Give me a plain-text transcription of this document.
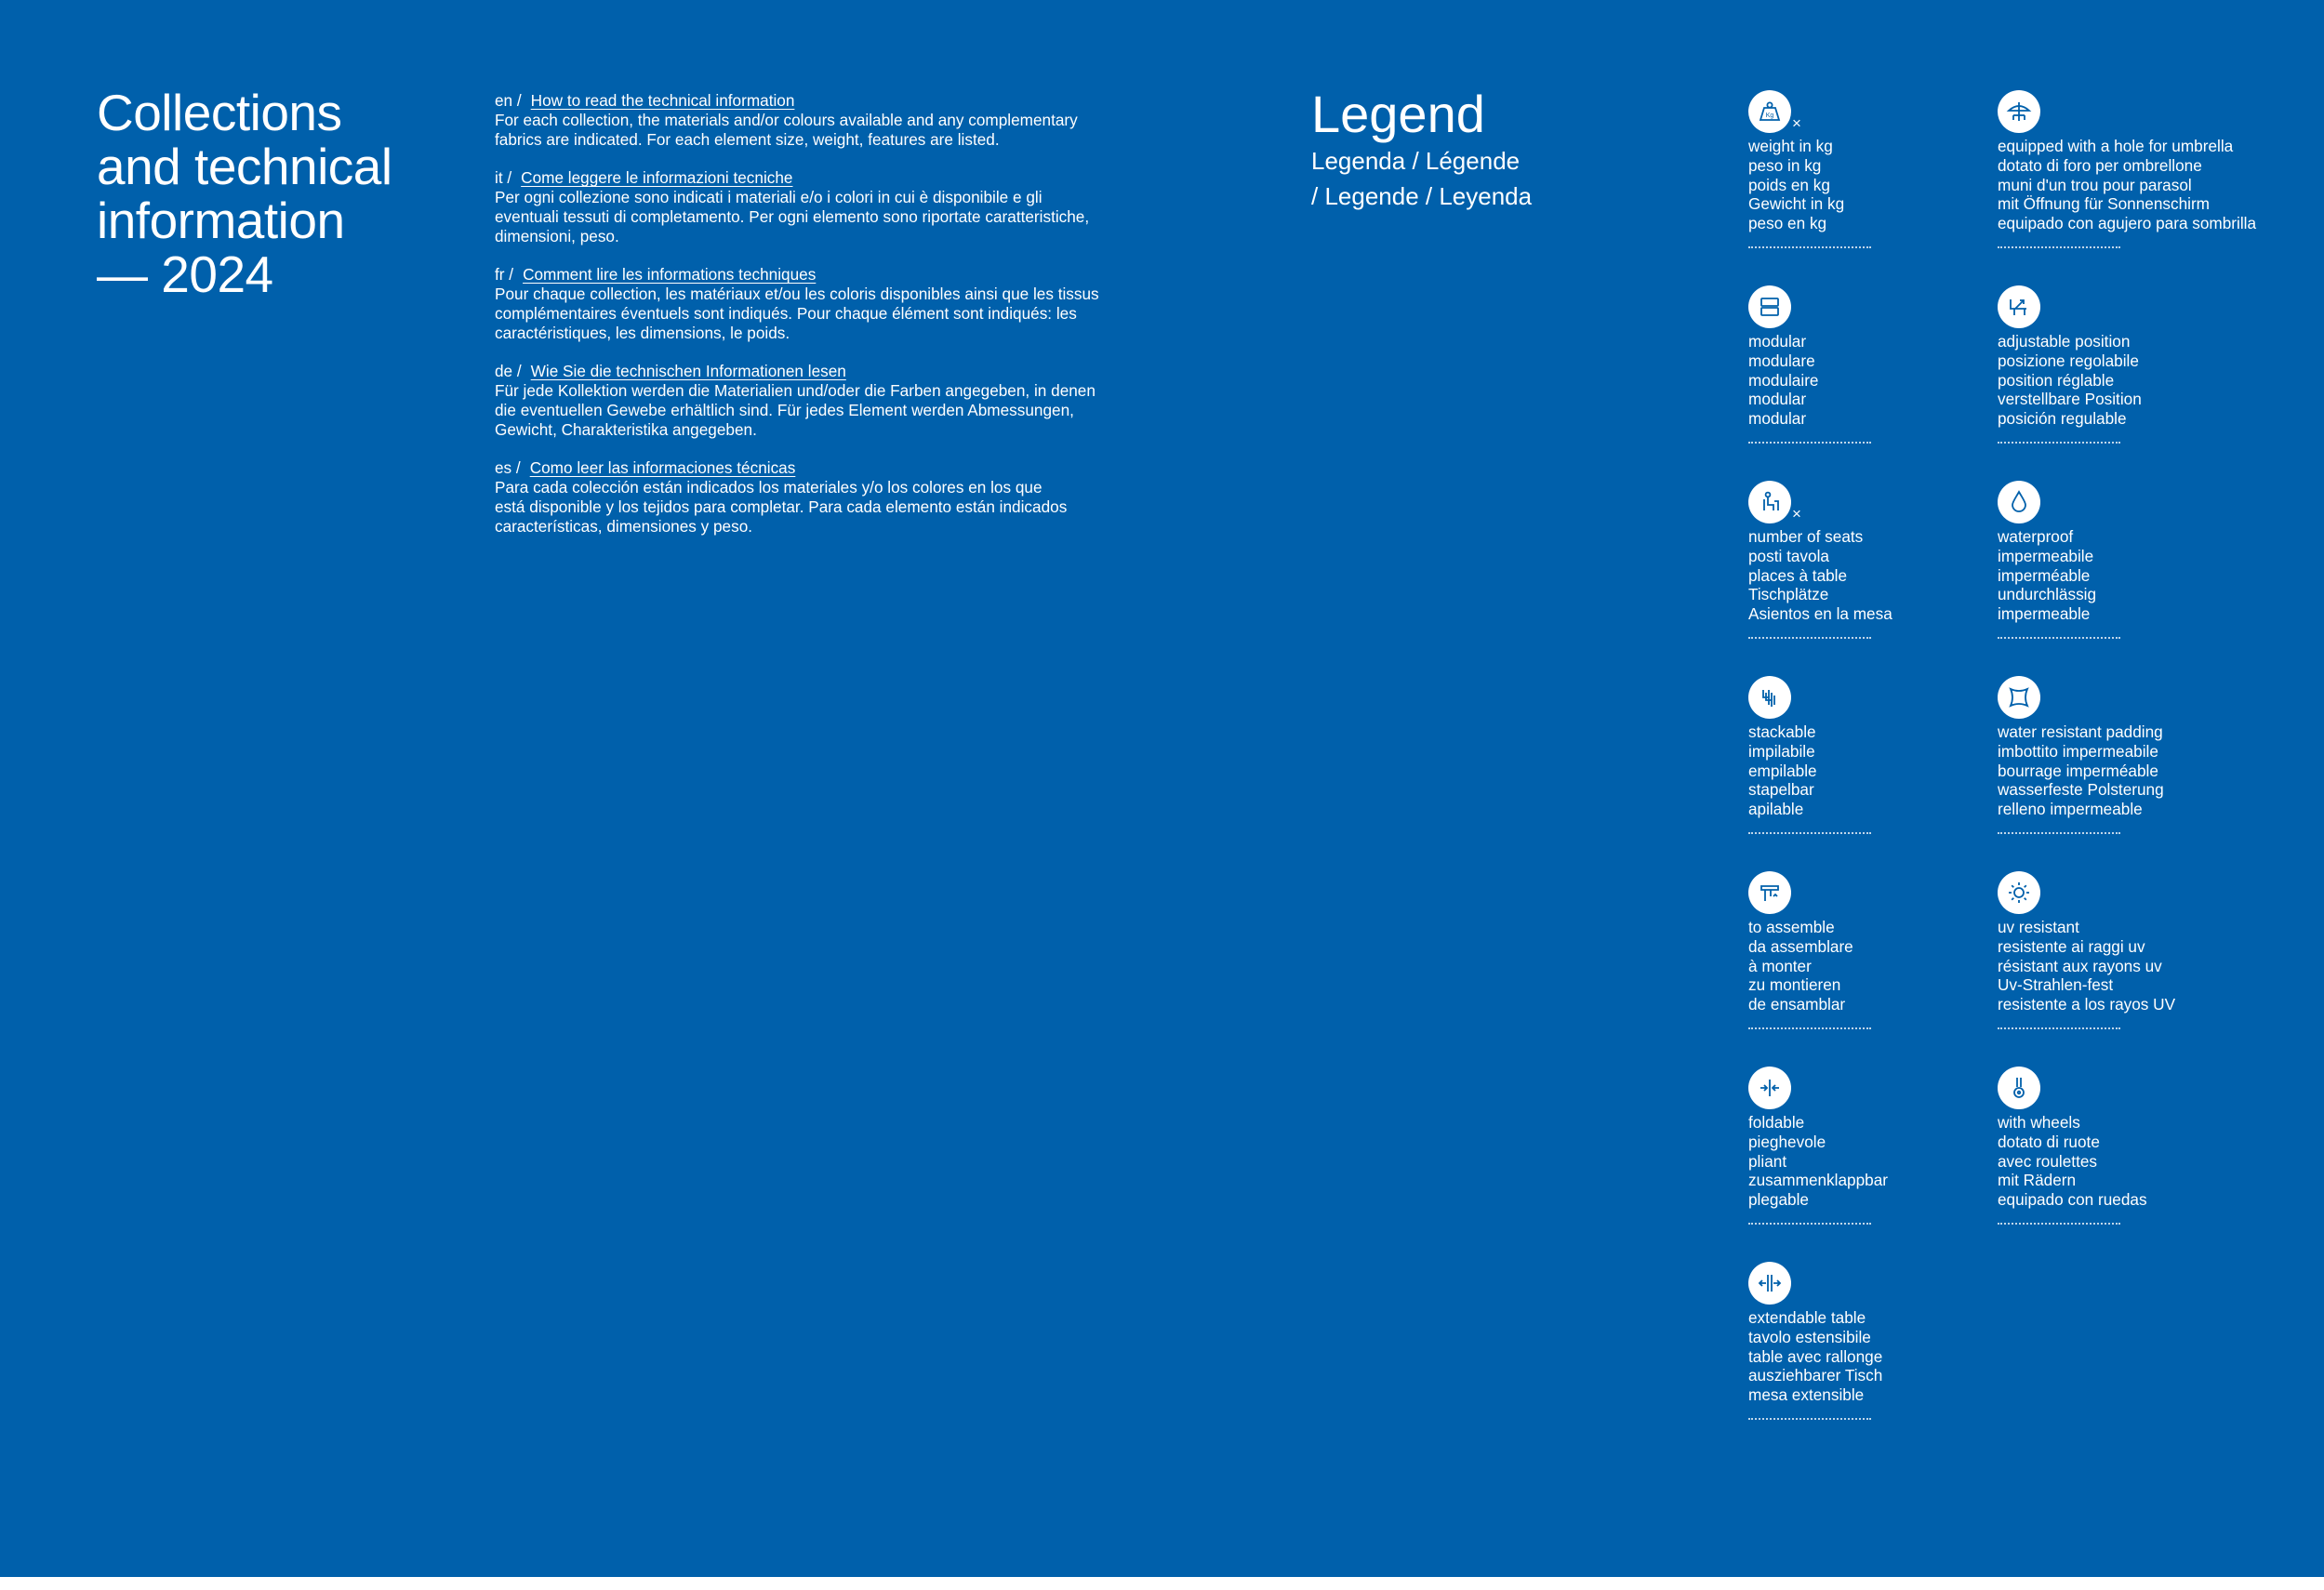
Collections
and technical
information
— 2024
en / How to read the technical information
For each collection, the materials and/or colours available and any complementary
fabrics are indicated. For each element size, weight, features are listed.
it / Come leggere le informazioni tecniche
Per ogni collezione sono indicati i materiali e/o i colori in cui è disponibile e gli
eventuali tessuti di completamento. Per ogni elemento sono riportate caratteristiche,
dimensioni, peso.
fr / Comment lire les informations techniques
Pour chaque collection, les matériaux et/ou les coloris disponibles ainsi que les tissus
complémentaires éventuels sont indiqués. Pour chaque élément sont indiqués: les
caractéristiques, les dimensions, le poids.
de / Wie Sie die technischen Informationen lesen
Für jede Kollektion werden die Materialien und/oder die Farben angegeben, in denen
die eventuellen Gewebe erhältlich sind. Für jedes Element werden Abmessungen,
Gewicht, Charakteristika angegeben.
es / Como leer las informaciones técnicas
Para cada colección están indicados los materiales y/o los colores en los que
está disponible y los tejidos para completar. Para cada elemento están indicados
características, dimensiones y peso.
Legend
Legenda / Légende
/ Legende / Leyenda
Kg ×
weight in kg
peso in kg
poids en kg
Gewicht in kg
peso en kg
equipped with a hole for umbrella
dotato di foro per ombrellone
muni d'un trou pour parasol
mit Öffnung für Sonnenschirm
equipado con agujero para sombrilla
modular
modulare
modulaire
modular
modular
adjustable position
posizione regolabile
position réglable
verstellbare Position
posición regulable
×
number of seats
posti tavola
places à table
Tischplätze
Asientos en la mesa
waterproof
impermeabile
imperméable
undurchlässig
impermeable
stackable
impilabile
empilable
stapelbar
apilable
water resistant padding
imbottito impermeabile
bourrage imperméable
wasserfeste Polsterung
relleno impermeable
to assemble
da assemblare
à monter
zu montieren
de ensamblar
uv resistant
resistente ai raggi uv
résistant aux rayons uv
Uv-Strahlen-fest
resistente a los rayos UV
foldable
pieghevole
pliant
zusammenklappbar
plegable
with wheels
dotato di ruote
avec roulettes
mit Rädern
equipado con ruedas
extendable table
tavolo estensibile
table avec rallonge
ausziehbarer Tisch
mesa extensible
